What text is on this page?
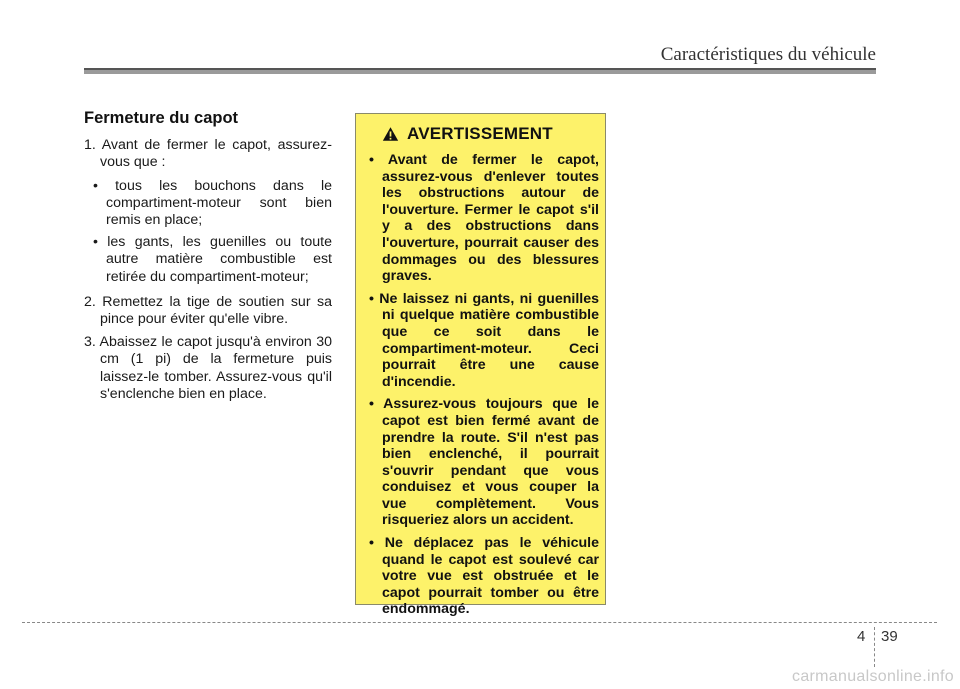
Caractéristiques du véhicule
Fermeture du capot
1. Avant de fermer le capot, assurez-vous que :
• tous les bouchons dans le compartiment-moteur sont bien remis en place;
• les gants, les guenilles ou toute autre matière combustible est retirée du compartiment-moteur;
2. Remettez la tige de soutien sur sa pince pour éviter qu'elle vibre.
3. Abaissez le capot jusqu'à environ 30 cm (1 pi) de la fermeture puis laissez-le tomber. Assurez-vous qu'il s'enclenche bien en place.
AVERTISSEMENT
• Avant de fermer le capot, assurez-vous d'enlever toutes les obstructions autour de l'ouverture. Fermer le capot s'il y a des obstructions dans l'ouverture, pourrait causer des dommages ou des blessures graves.
• Ne laissez ni gants, ni guenilles ni quelque matière combustible que ce soit dans le compartiment-moteur. Ceci pourrait être une cause d'incendie.
• Assurez-vous toujours que le capot est bien fermé avant de prendre la route. S'il n'est pas bien enclenché, il pourrait s'ouvrir pendant que vous conduisez et vous couper la vue complètement. Vous risqueriez alors un accident.
• Ne déplacez pas le véhicule quand le capot est soulevé car votre vue est obstruée et le capot pourrait tomber ou être endommagé.
4 39
carmanualsonline.info
